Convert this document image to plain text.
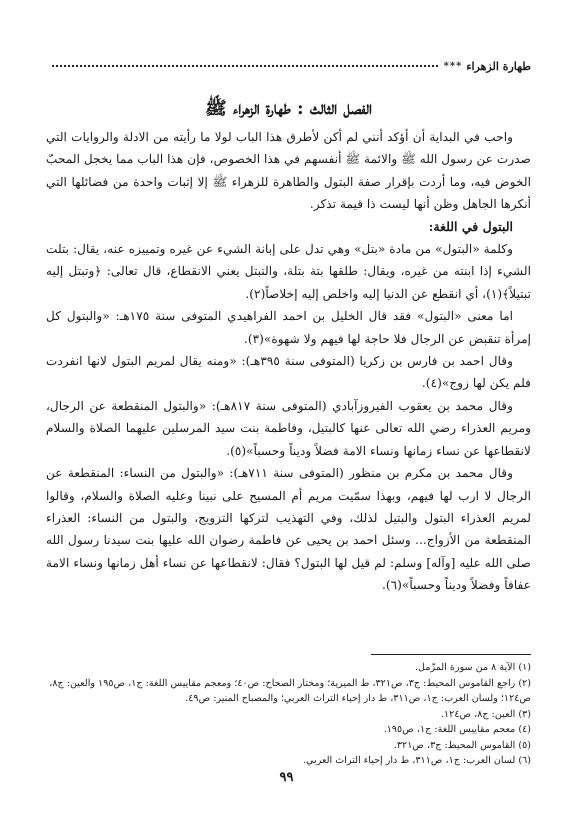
طهارة الزهراء
***
الفصل الثالث : طهارة الزهراء ﷺ

واحب في البداية أن أؤكد أنني لم أكن لأطرق هذا الباب لولا ما رأيته من الادلة والروايات التي صدرت عن رسول الله ﷺ والائمة ﷺ أنفسهم في هذا الخصوص، فإن هذا الباب مما يخجل المحبّ الخوض فيه، وما أردت بإقرار صفة البتول والطاهرة للزهراء ﷺ إلا إثبات واحدة من فضائلها التي أنكرها الجاهل وظن أنها ليست ذا قيمة تذكر.

البتول في اللغة:

وكلمة «البتول» من مادة «بتل» وهي تدل على إبانة الشيء عن غيره وتمييزه عنه، يقال: بتلت الشيء إذا ابنته من غيره، ويقال: طلقها بتة بتلة، والتبتل يعني الانقطاع، قال تعالى: ﴿وتبتل إليه تبتيلاً﴾(١)، أي انقطع عن الدنيا إليه واخلص إليه إخلاصاً(٢).

اما معنى «البتول» فقد قال الخليل بن احمد الفراهيدي المتوفى سنة ١٧٥هـ: «والبتول كل إمرأة تنقبض عن الرجال فلا حاجة لها فيهم ولا شهوة»(٣).

وقال احمد بن فارس بن زكريا (المتوفى سنة ٣٩٥هـ): «ومنه يقال لمريم البتول لانها انفردت فلم يكن لها زوج»(٤).

وقال محمد بن يعقوب الفيروزآبادي (المتوفى سنة ٨١٧هـ): «والبتول المنقطعة عن الرجال، ومريم العذراء رضي الله تعالى عنها كالبتيل، وفاطمة بنت سيد المرسلين عليهما الصلاة والسلام لانقطاعها عن نساء زمانها ونساء الامة فضلاً وديناً وحسباً»(٥).

وقال محمد بن مكرم بن منظور (المتوفى سنة ٧١١هـ): «والبتول من النساء: المنقطعة عن الرجال لا ارب لها فيهم، وبهذا سمّيت مريم أم المسيح على نبينا وعليه الصلاة والسلام، وقالوا لمريم العذراء البتول والبتيل لذلك، وفي التهذيب لتركها التزويج، والبتول من النساء: العذراء المنقطعة من الأزواج... وسئل احمد بن يحيى عن فاطمة رضوان الله عليها بنت سيدنا رسول الله صلى الله عليه [وآله] وسلم: لم قيل لها البتول؟ فقال: لانقطاعها عن نساء أهل زمانها ونساء الامة عفافاً وفضلاً وديناً وحسباً»(٦).

(١) الآية ٨ من سورة المزّمل.
(٢) راجع القاموس المحيط: ج٣، ص٣٢١، ط الميرية؛ ومختار الصحاح: ص٤٠؛ ومعجم مقاييس اللغة: ج١، ص١٩٥ والعين: ج٨، ص١٢٤؛ ولسان العرب: ج١، ص٣١١، ط دار إحياء التراث العربي؛ والمصباح المنير: ص٤٩.
(٣) العين: ج٨، ص١٢٤.
(٤) معجم مقاييس اللغة: ج١، ص١٩٥.
(٥) القاموس المحيط: ج٣، ص٣٢١.
(٦) لسان العرب: ج١، ص٣١١، ط دار إحياء التراث العربي.
٩٩
